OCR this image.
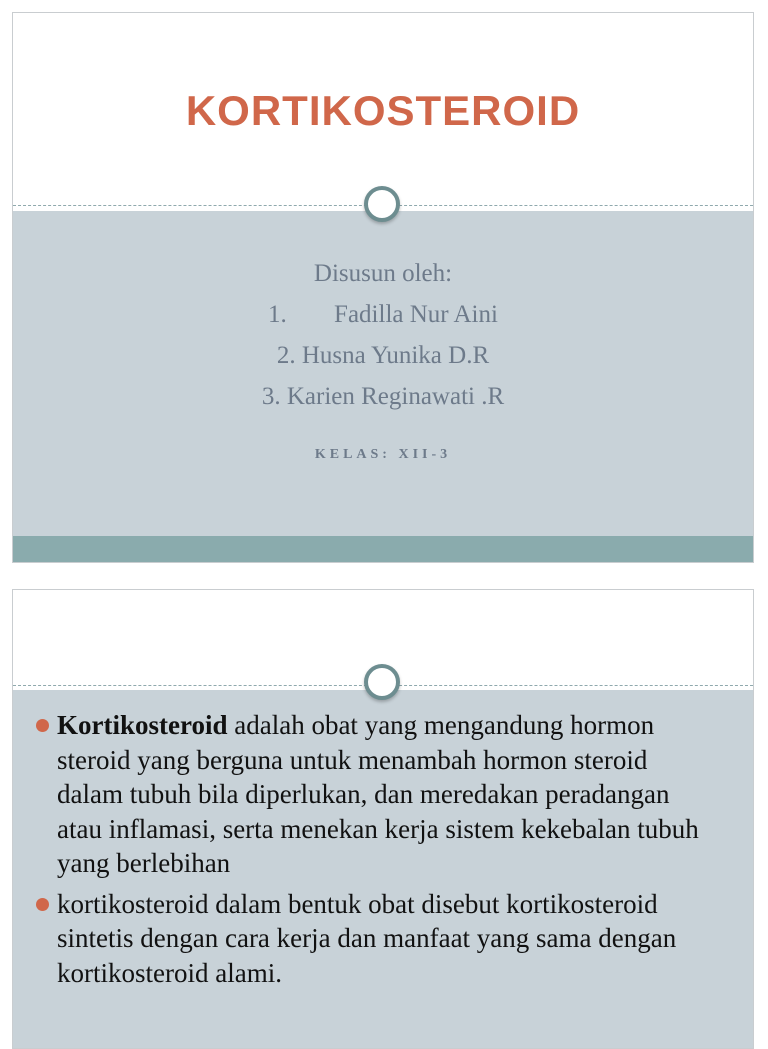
KORTIKOSTEROID
Disusun oleh:
1. Fadilla Nur Aini
2. Husna Yunika D.R
3. Karien Reginawati .R
KELAS: XII-3
Kortikosteroid adalah obat yang mengandung hormon steroid yang berguna untuk menambah hormon steroid dalam tubuh bila diperlukan, dan meredakan peradangan atau inflamasi, serta menekan kerja sistem kekebalan tubuh yang berlebihan
kortikosteroid dalam bentuk obat disebut kortikosteroid sintetis dengan cara kerja dan manfaat yang sama dengan kortikosteroid alami.
